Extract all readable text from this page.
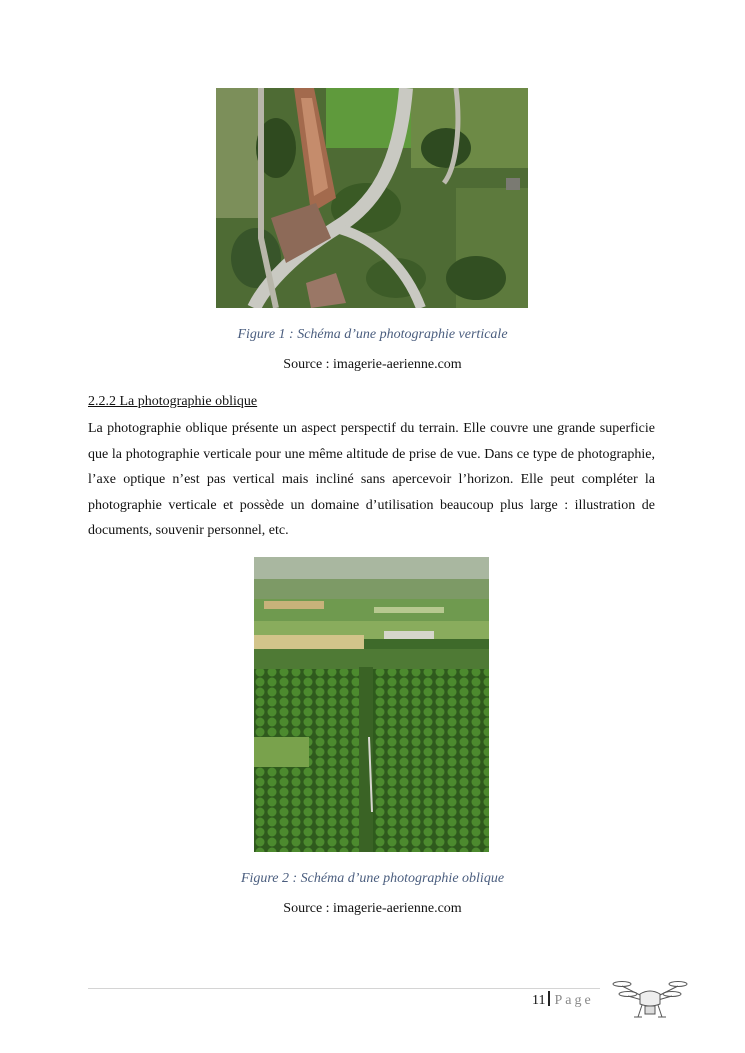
Figure 1 : Schéma d’une photographie verticale
Source : imagerie-aerienne.com
2.2.2 La photographie oblique

La photographie oblique présente un aspect perspectif du terrain. Elle couvre une grande superficie que la photographie verticale pour une même altitude de prise de vue. Dans ce type de photographie, l’axe optique n’est pas vertical mais incliné sans apercevoir l’horizon. Elle peut compléter la photographie verticale et possède un domaine d’utilisation beaucoup plus large : illustration de documents, souvenir personnel, etc.

Figure 2 : Schéma d’une photographie oblique
Source : imagerie-aerienne.com
11 Page
